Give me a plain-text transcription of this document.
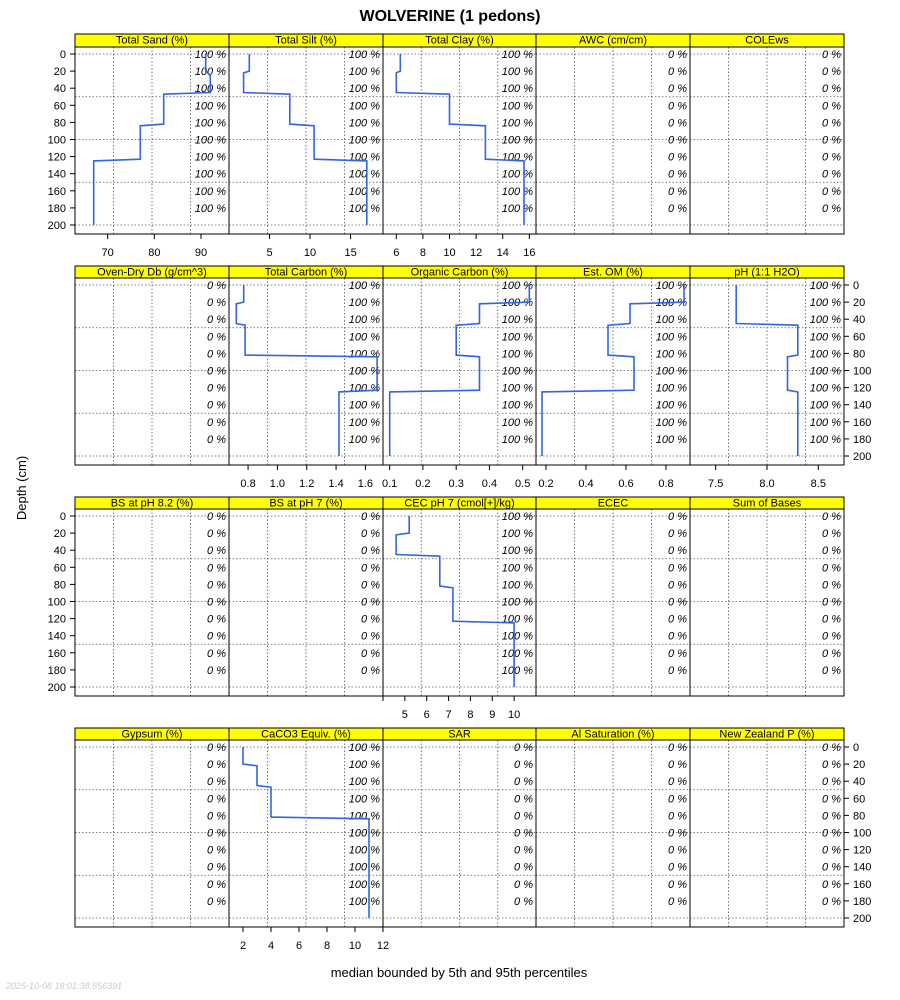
WOLVERINE (1 pedons)
Depth (cm)
median bounded by 5th and 95th percentiles
2025-10-08 18:01:38.856391
0
20
40
60
80
100
120
140
160
180
200
Total Sand (%)
100 %
100 %
100 %
100 %
100 %
100 %
100 %
100 %
100 %
100 %
70	80	90
Total Silt (%)
100 %
100 %
100 %
100 %
100 %
100 %
100 %
100 %
100 %
100 %
5	10	15
Total Clay (%)
100 %
100 %
100 %
100 %
100 %
100 %
100 %
100 %
100 %
100 %
6 8 10 12 14 16
AWC (cm/cm)
0 %
0 %
0 %
0 %
0 %
0 %
0 %
0 %
0 %
0 %
COLEws
0 %
0 %
0 %
0 %
0 %
0 %
0 %
0 %
0 %
0 %
0
20
40
60
80
100
120
140
160
180
200
Oven-Dry Db (g/cm^3)
0 %
0 %
0 %
0 %
0 %
0 %
0 %
0 %
0 %
0 %
Total Carbon (%)
100 %
100 %
100 %
100 %
100 %
100 %
100 %
100 %
100 %
100 %
0.8 1.0 1.2 1.4 1.6
Organic Carbon (%)
100 %
100 %
100 %
100 %
100 %
100 %
100 %
100 %
100 %
100 %
0.1 0.2 0.3 0.4 0.5
Est. OM (%)
100 %
100 %
100 %
100 %
100 %
100 %
100 %
100 %
100 %
100 %
0.2 0.4 0.6 0.8
pH (1:1 H2O)
100 %
100 %
100 %
100 %
100 %
100 %
100 %
100 %
100 %
100 %
7.5	8.0	8.5
0
20
40
60
80
100
120
140
160
180
200
BS at pH 8.2 (%)
0 %
0 %
0 %
0 %
0 %
0 %
0 %
0 %
0 %
0 %
BS at pH 7 (%)
0 %
0 %
0 %
0 %
0 %
0 %
0 %
0 %
0 %
0 %
CEC pH 7 (cmol[+]/kg)
100 %
100 %
100 %
100 %
100 %
100 %
100 %
100 %
100 %
100 %
5 6 7 8 9 10
ECEC
0 %
0 %
0 %
0 %
0 %
0 %
0 %
0 %
0 %
0 %
Sum of Bases
0 %
0 %
0 %
0 %
0 %
0 %
0 %
0 %
0 %
0 %
0
20
40
60
80
100
120
140
160
180
200
Gypsum (%)
0 %
0 %
0 %
0 %
0 %
0 %
0 %
0 %
0 %
0 %
CaCO3 Equiv. (%)
100 %
100 %
100 %
100 %
100 %
100 %
100 %
100 %
100 %
100 %
2 4 6 8 10 12
SAR
0 %
0 %
0 %
0 %
0 %
0 %
0 %
0 %
0 %
0 %
Al Saturation (%)
0 %
0 %
0 %
0 %
0 %
0 %
0 %
0 %
0 %
0 %
New Zealand P (%)
0 %
0 %
0 %
0 %
0 %
0 %
0 %
0 %
0 %
0 %
